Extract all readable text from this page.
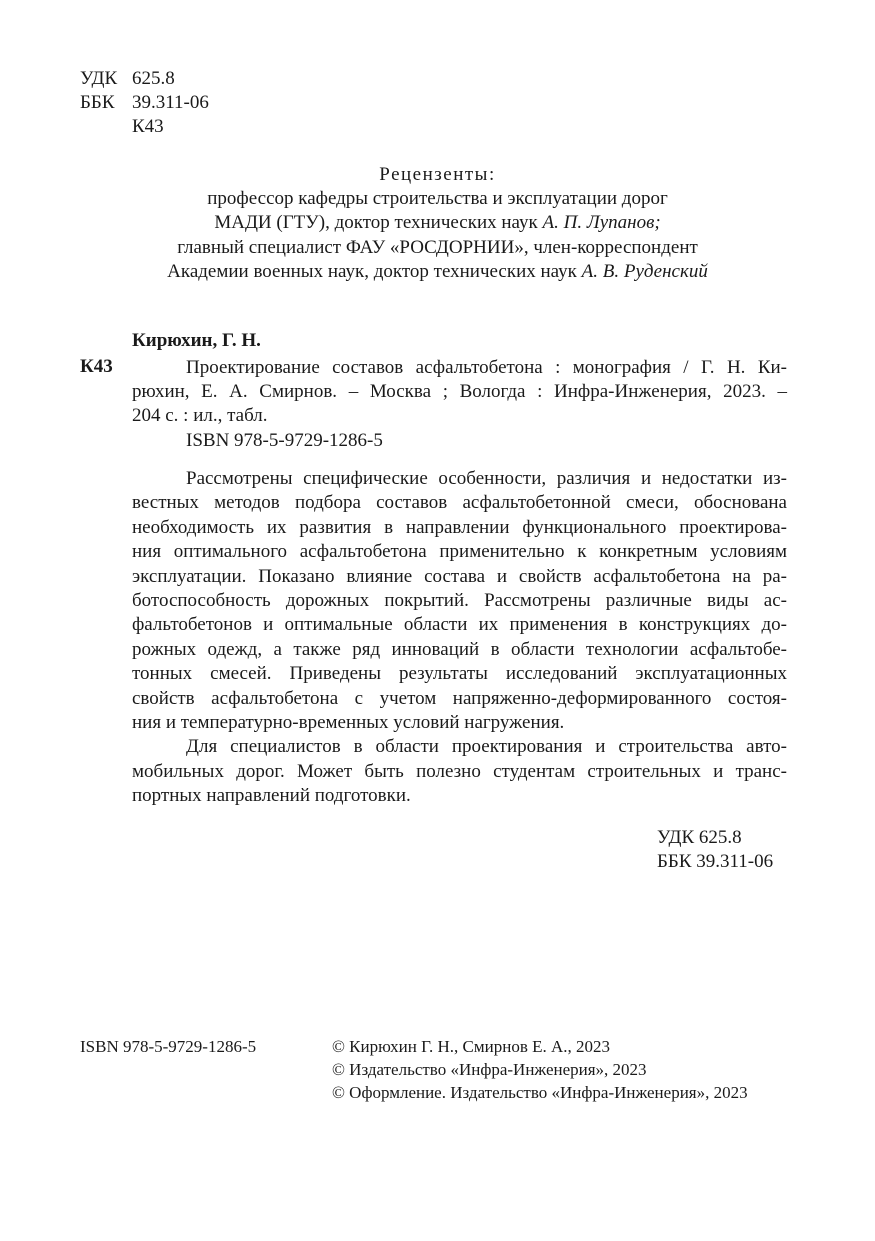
УДК 625.8
ББК 39.311-06
К43
Рецензенты:
профессор кафедры строительства и эксплуатации дорог
МАДИ (ГТУ), доктор технических наук А. П. Лупанов;
главный специалист ФАУ «РОСДОРНИИ», член-корреспондент
Академии военных наук, доктор технических наук А. В. Руденский
Кирюхин, Г. Н.
К43	Проектирование составов асфальтобетона : монография / Г. Н. Ки-
рюхин, Е. А. Смирнов. – Москва ; Вологда : Инфра-Инженерия, 2023. –
204 с. : ил., табл.
ISBN 978-5-9729-1286-5
Рассмотрены специфические особенности, различия и недостатки из-
вестных методов подбора составов асфальтобетонной смеси, обоснована
необходимость их развития в направлении функционального проектирова-
ния оптимального асфальтобетона применительно к конкретным условиям
эксплуатации. Показано влияние состава и свойств асфальтобетона на ра-
ботоспособность дорожных покрытий. Рассмотрены различные виды ас-
фальтобетонов и оптимальные области их применения в конструкциях до-
рожных одежд, а также ряд инноваций в области технологии асфальтобе-
тонных смесей. Приведены результаты исследований эксплуатационных
свойств асфальтобетона с учетом напряженно-деформированного состоя-
ния и температурно-временных условий нагружения.
Для специалистов в области проектирования и строительства авто-
мобильных дорог. Может быть полезно студентам строительных и транс-
портных направлений подготовки.
УДК 625.8
ББК 39.311-06
ISBN 978-5-9729-1286-5	© Кирюхин Г. Н., Смирнов Е. А., 2023
© Издательство «Инфра-Инженерия», 2023
© Оформление. Издательство «Инфра-Инженерия», 2023
